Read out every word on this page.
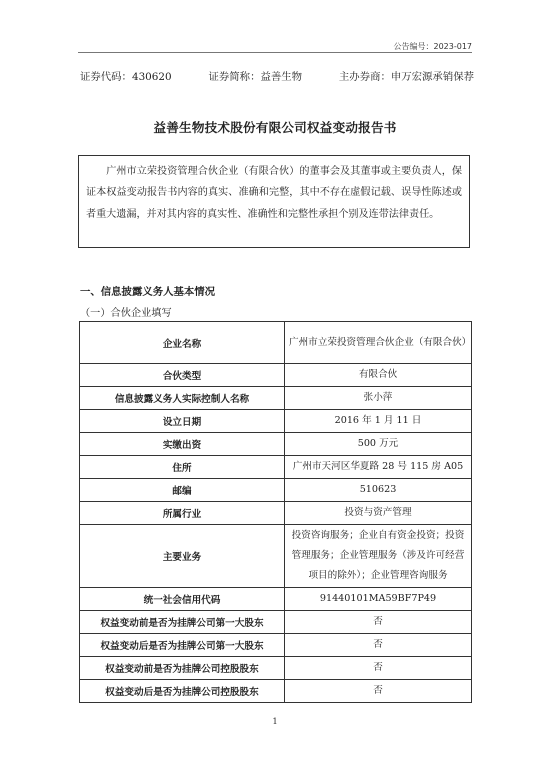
公告编号：2023-017
证券代码：430620	证券简称：益善生物	主办券商：申万宏源承销保荐
益善生物技术股份有限公司权益变动报告书

广州市立荣投资管理合伙企业（有限合伙）的董事会及其董事或主要负责人，保证本权益变动报告书内容的真实、准确和完整，其中不存在虚假记载、误导性陈述或者重大遗漏，并对其内容的真实性、准确性和完整性承担个别及连带法律责任。

一、信息披露义务人基本情况
（一）合伙企业填写
企业名称	广州市立荣投资管理合伙企业（有限合伙）
合伙类型	有限合伙
信息披露义务人实际控制人名称	张小萍
设立日期	2016 年 1 月 11 日
实缴出资	500 万元
住所	广州市天河区华夏路 28 号 115 房 A05
邮编	510623
所属行业	投资与资产管理
主要业务	投资咨询服务；企业自有资金投资；投资管理服务；企业管理服务（涉及许可经营项目的除外）；企业管理咨询服务
统一社会信用代码	91440101MA59BF7P49
权益变动前是否为挂牌公司第一大股东	否
权益变动后是否为挂牌公司第一大股东	否
权益变动前是否为挂牌公司控股股东	否
权益变动后是否为挂牌公司控股股东	否
1
